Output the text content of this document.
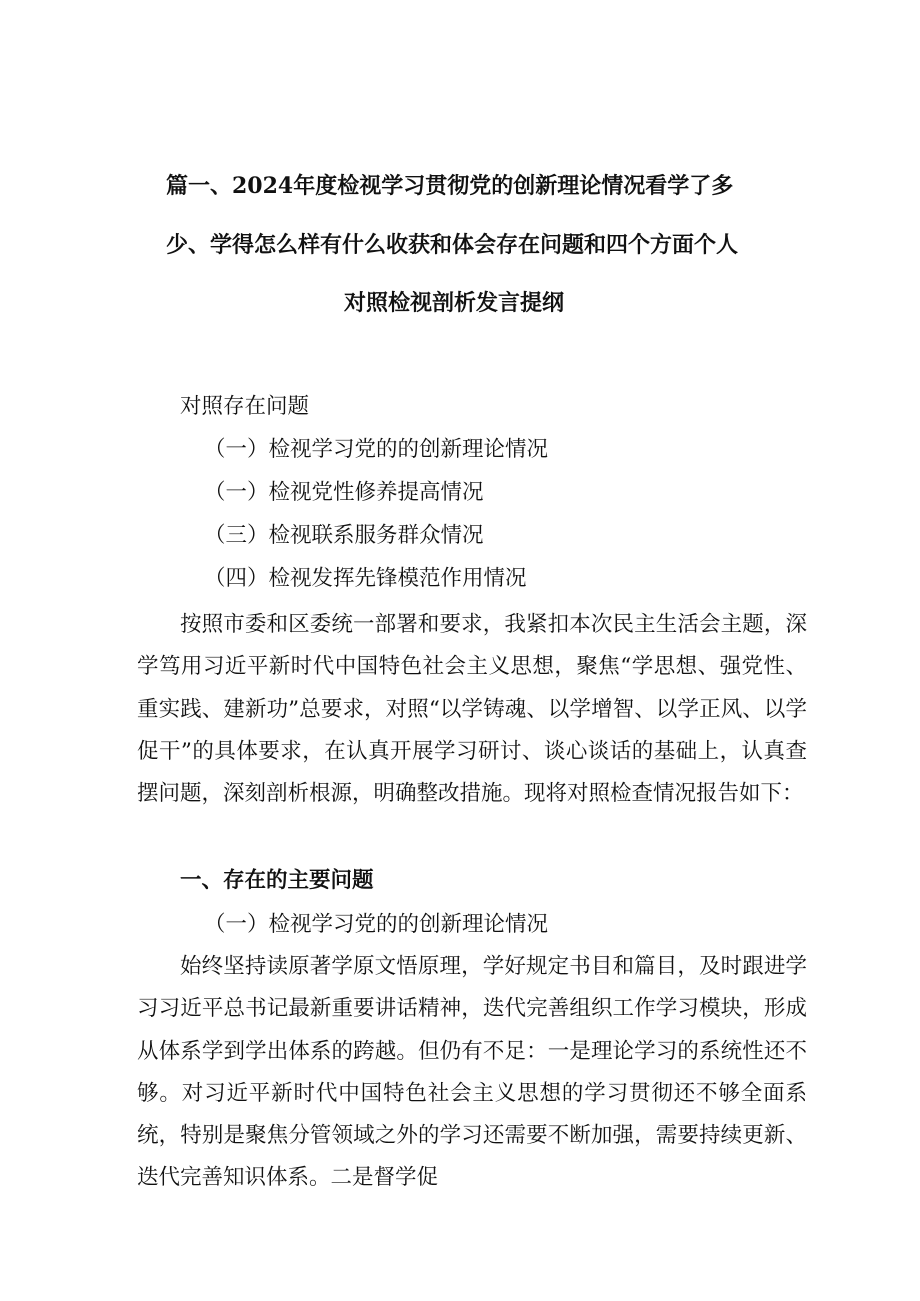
篇一、2024年度检视学习贯彻党的创新理论情况看学了多
少、学得怎么样有什么收获和体会存在问题和四个方面个人
对照检视剖析发言提纲
对照存在问题
（一）检视学习党的的创新理论情况
（一）检视党性修养提高情况
（三）检视联系服务群众情况
（四）检视发挥先锋模范作用情况
按照市委和区委统一部署和要求，我紧扣本次民主生活会主题，深学笃用习近平新时代中国特色社会主义思想，聚焦“学思想、强党性、重实践、建新功”总要求，对照“以学铸魂、以学增智、以学正风、以学促干”的具体要求，在认真开展学习研讨、谈心谈话的基础上，认真查摆问题，深刻剖析根源，明确整改措施。现将对照检查情况报告如下：
一、存在的主要问题
（一）检视学习党的的创新理论情况
始终坚持读原著学原文悟原理，学好规定书目和篇目，及时跟进学习习近平总书记最新重要讲话精神，迭代完善组织工作学习模块，形成从体系学到学出体系的跨越。但仍有不足：一是理论学习的系统性还不够。对习近平新时代中国特色社会主义思想的学习贯彻还不够全面系统，特别是聚焦分管领域之外的学习还需要不断加强，需要持续更新、迭代完善知识体系。二是督学促
